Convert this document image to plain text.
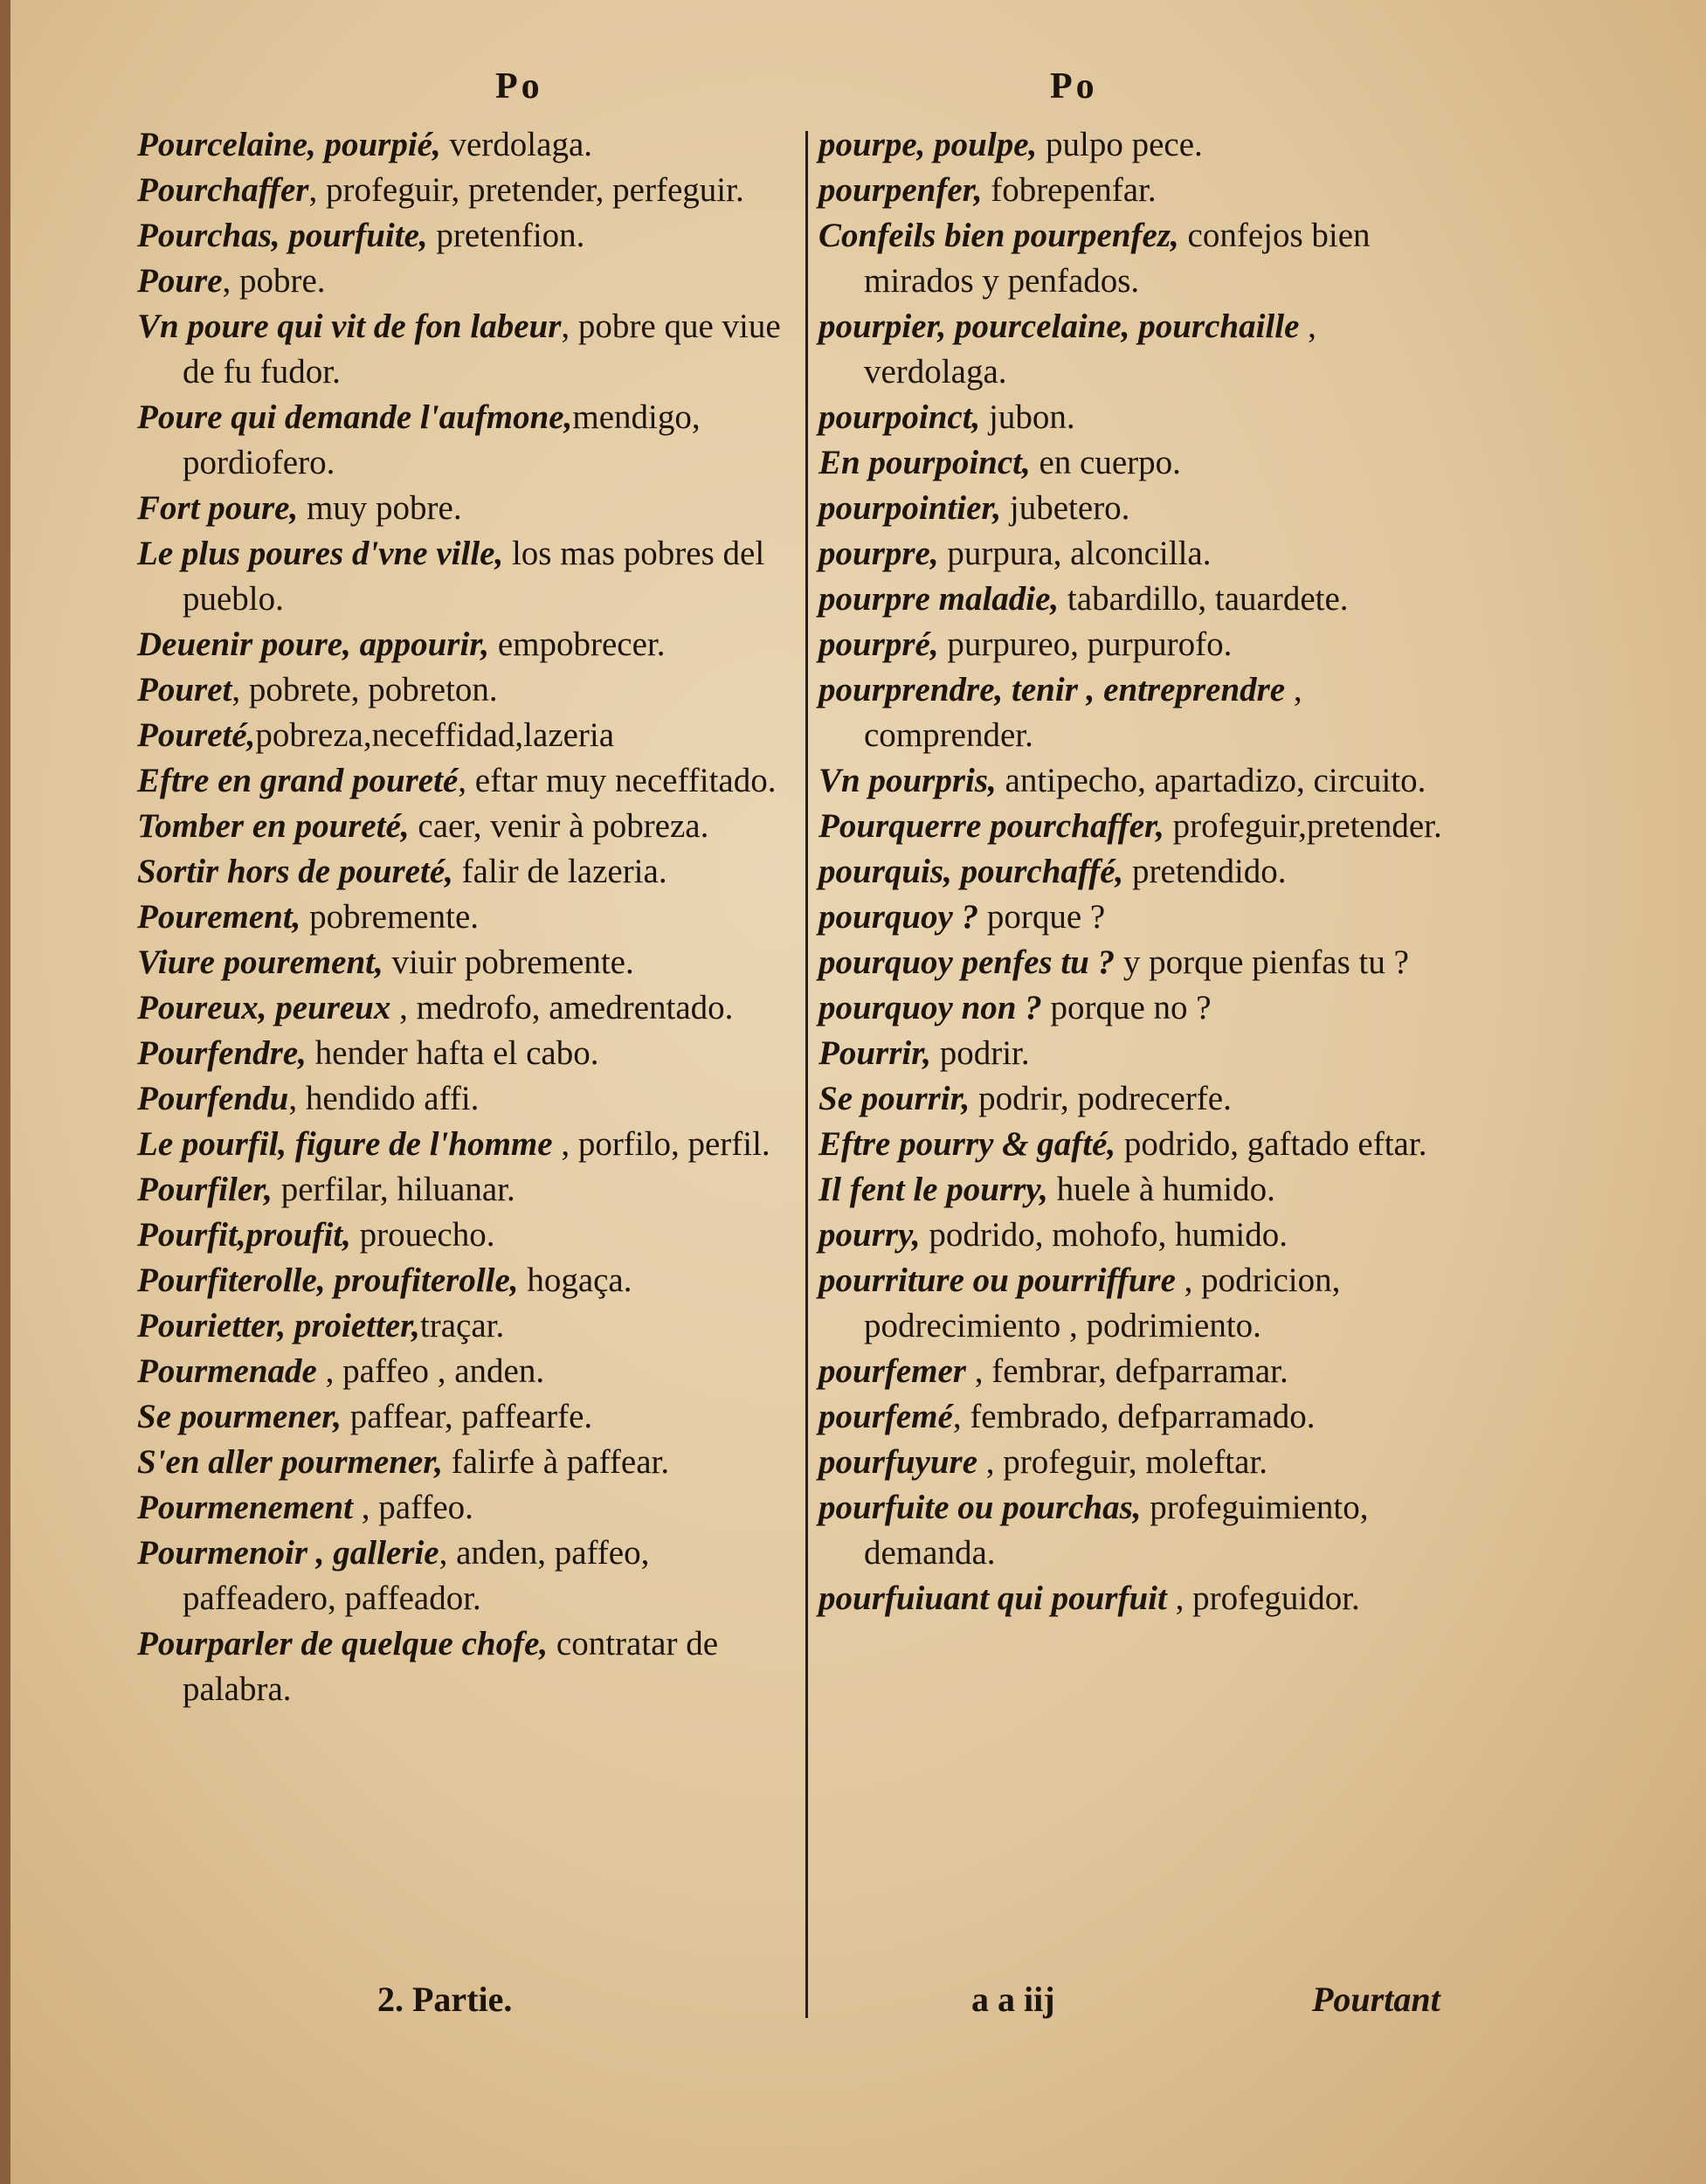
Po	Po

Pourcelaine, pourpié, verdolaga.

Pourchaffer, profeguir, pretender, perfeguir.

Pourchas, pourfuite, pretenfion.

Poure, pobre.

Vn poure qui vit de fon labeur, pobre que viue de fu fudor.

Poure qui demande l'aufmone,mendigo, pordiofero.

Fort poure, muy pobre.

Le plus poures d'vne ville, los mas pobres del pueblo.

Deuenir poure, appourir, empobrecer.

Pouret, pobrete, pobreton.

Poureté,pobreza,neceffidad,lazeria

Eftre en grand poureté, eftar muy neceffitado.

Tomber en poureté, caer, venir à pobreza.

Sortir hors de poureté, falir de lazeria.

Pourement, pobremente.

Viure pourement, viuir pobremente.

Poureux, peureux , medrofo, amedrentado.

Pourfendre, hender hafta el cabo.

Pourfendu, hendido affi.

Le pourfil, figure de l'homme , porfilo, perfil.

Pourfiler, perfilar, hiluanar.

Pourfit,proufit, prouecho.

Pourfiterolle, proufiterolle, hogaça.

Pourietter, proietter,traçar.

Pourmenade , paffeo , anden.

Se pourmener, paffear, paffearfe.

S'en aller pourmener, falirfe à paffear.

Pourmenement , paffeo.

Pourmenoir , gallerie, anden, paffeo, paffeadero, paffeador.

Pourparler de quelque chofe, contratar de palabra.

pourpe, poulpe, pulpo pece.

pourpenfer, fobrepenfar.

Confeils bien pourpenfez, confejos bien mirados y penfados.

pourpier, pourcelaine, pourchaille , verdolaga.

pourpoinct, jubon.

En pourpoinct, en cuerpo.

pourpointier, jubetero.

pourpre, purpura, alconcilla.

pourpre maladie, tabardillo, tauardete.

pourpré, purpureo, purpurofo.

pourprendre, tenir , entreprendre , comprender.

Vn pourpris, antipecho, apartadizo, circuito.

Pourquerre pourchaffer, profeguir,pretender.

pourquis, pourchaffé, pretendido.

pourquoy ? porque ?

pourquoy penfes tu ? y porque pienfas tu ?

pourquoy non ? porque no ?

Pourrir, podrir.

Se pourrir, podrir, podrecerfe.

Eftre pourry & gafté, podrido, gaftado eftar.

Il fent le pourry, huele à humido.

pourry, podrido, mohofo, humido.

pourriture ou pourriffure , podricion, podrecimiento , podrimiento.

pourfemer , fembrar, defparramar.

pourfemé, fembrado, defparramado.

pourfuyure , profeguir, moleftar.

pourfuite ou pourchas, profeguimiento, demanda.

pourfuiuant qui pourfuit , profeguidor.

2. Partie.	a a iij	Pourtant
